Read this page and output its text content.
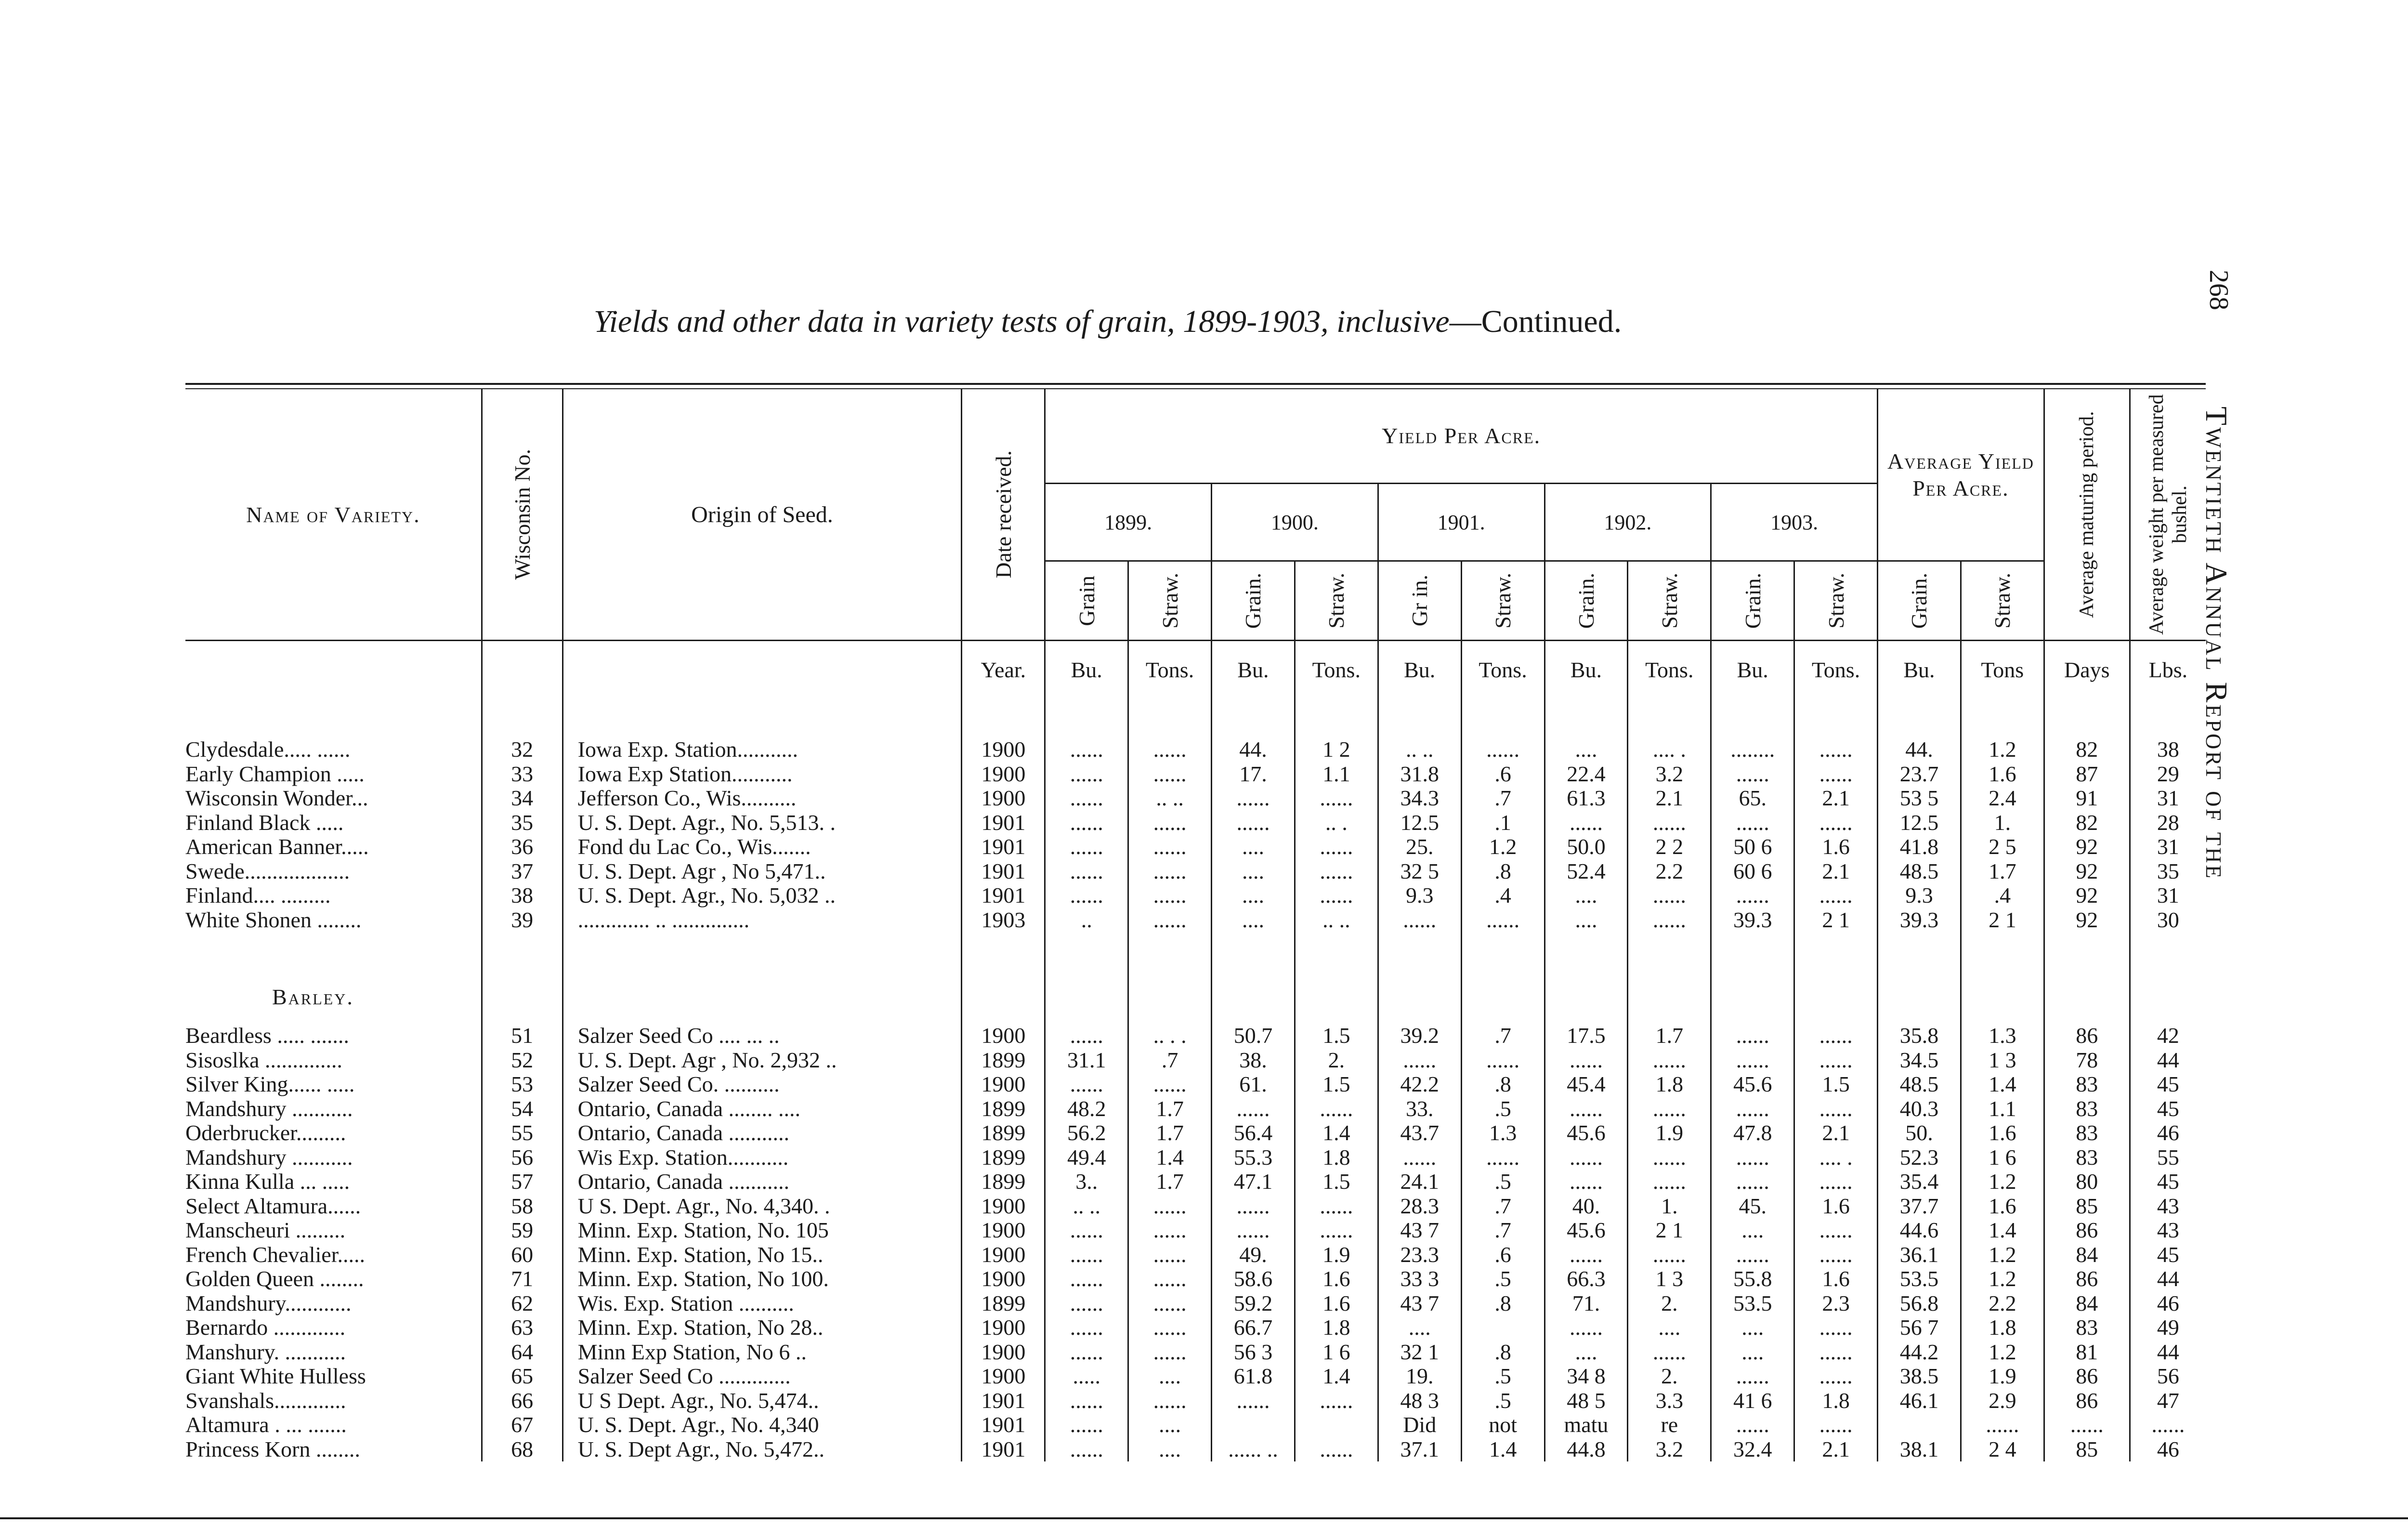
268
Twentieth Annual Report of the
Yields and other data in variety tests of grain, 1899-1903, inclusive—Continued.
Name of Variety.	Wisconsin No.	Origin of Seed.	Date received.	Yield Per Acre.										Average Yield Per Acre.		Average maturing period.	Average weight per measured bushel.

				1899.		1900.		1901.		1902.		1903.					

				Grain	Straw.	Grain.	Straw.	Gr in.	Straw.	Grain.	Straw.	Grain.	Straw.	Grain.	Straw.		

			Year.	Bu.	Tons.	Bu.	Tons.	Bu.	Tons.	Bu.	Tons.	Bu.	Tons.	Bu.	Tons	Days	Lbs.

Clydesdale..... ......	32	Iowa Exp. Station...........	1900	......	......	44.	1 2	.. ..	......	....	.... .	........	......	44.	1.2	82	38
Early Champion .....	33	Iowa Exp Station...........	1900	......	......	17.	1.1	31.8	.6	22.4	3.2	......	......	23.7	1.6	87	29
Wisconsin Wonder...	34	Jefferson Co., Wis..........	1900	......	.. ..	......	......	34.3	.7	61.3	2.1	65.	2.1	53 5	2.4	91	31
Finland Black .....	35	U. S. Dept. Agr., No. 5,513. .	1901	......	......	......	.. .	12.5	.1	......	......	......	......	12.5	1.	82	28
American Banner.....	36	Fond du Lac Co., Wis.......	1901	......	......	....	......	25.	1.2	50.0	2 2	50 6	1.6	41.8	2 5	92	31
Swede...................	37	U. S. Dept. Agr , No 5,471..	1901	......	......	....	......	32 5	.8	52.4	2.2	60 6	2.1	48.5	1.7	92	35
Finland.... .........	38	U. S. Dept. Agr., No. 5,032 ..	1901	......	......	....	......	9.3	.4	....	......	......	......	9.3	.4	92	31
White Shonen ........	39	............. .. ..............	1903	..	......	....	.. ..	......	......	....	......	39.3	2 1	39.3	2 1	92	30

Barley.																	
Beardless ..... .......	51	Salzer Seed Co .... ... ..	1900	......	.. . .	50.7	1.5	39.2	.7	17.5	1.7	......	......	35.8	1.3	86	42
Sisoslka ..............	52	U. S. Dept. Agr , No. 2,932 ..	1899	31.1	.7	38.	2.	......	......	......	......	......	......	34.5	1 3	78	44
Silver King...... .....	53	Salzer Seed Co. ..........	1900	......	......	61.	1.5	42.2	.8	45.4	1.8	45.6	1.5	48.5	1.4	83	45
Mandshury ...........	54	Ontario, Canada ........ ....	1899	48.2	1.7	......	......	33.	.5	......	......	......	......	40.3	1.1	83	45
Oderbrucker.........	55	Ontario, Canada ...........	1899	56.2	1.7	56.4	1.4	43.7	1.3	45.6	1.9	47.8	2.1	50.	1.6	83	46
Mandshury ...........	56	Wis Exp. Station...........	1899	49.4	1.4	55.3	1.8	......	......	......	......	......	.... .	52.3	1 6	83	55
Kinna Kulla ... .....	57	Ontario, Canada ...........	1899	3..	1.7	47.1	1.5	24.1	.5	......	......	......	......	35.4	1.2	80	45
Select Altamura......	58	U S. Dept. Agr., No. 4,340. .	1900	.. ..	......	......	......	28.3	.7	40.	1.	45.	1.6	37.7	1.6	85	43
Manscheuri .........	59	Minn. Exp. Station, No. 105	1900	......	......	......	......	43 7	.7	45.6	2 1	....	......	44.6	1.4	86	43
French Chevalier.....	60	Minn. Exp. Station, No 15..	1900	......	......	49.	1.9	23.3	.6	......	......	......	......	36.1	1.2	84	45
Golden Queen ........	71	Minn. Exp. Station, No 100.	1900	......	......	58.6	1.6	33 3	.5	66.3	1 3	55.8	1.6	53.5	1.2	86	44
Mandshury............	62	Wis. Exp. Station ..........	1899	......	......	59.2	1.6	43 7	.8	71.	2.	53.5	2.3	56.8	2.2	84	46
Bernardo .............	63	Minn. Exp. Station, No 28..	1900	......	......	66.7	1.8	....		......	....	....	......	56 7	1.8	83	49
Manshury. ...........	64	Minn Exp Station, No 6 ..	1900	......	......	56 3	1 6	32 1	.8	....	......	....	......	44.2	1.2	81	44
Giant White Hulless	65	Salzer Seed Co .............	1900	.....	....	61.8	1.4	19.	.5	34 8	2.	......	......	38.5	1.9	86	56
Svanshals.............	66	U S Dept. Agr., No. 5,474..	1901	......	......	......	......	48 3	.5	48 5	3.3	41 6	1.8	46.1	2.9	86	47
Altamura . ... .......	67	U. S. Dept. Agr., No. 4,340	1901	......	....			Did	not	matu	re	......	......		......	......	......
Princess Korn ........	68	U. S. Dept Agr., No. 5,472..	1901	......	....	...... ..	......	37.1	1.4	44.8	3.2	32.4	2.1	38.1	2 4	85	46
